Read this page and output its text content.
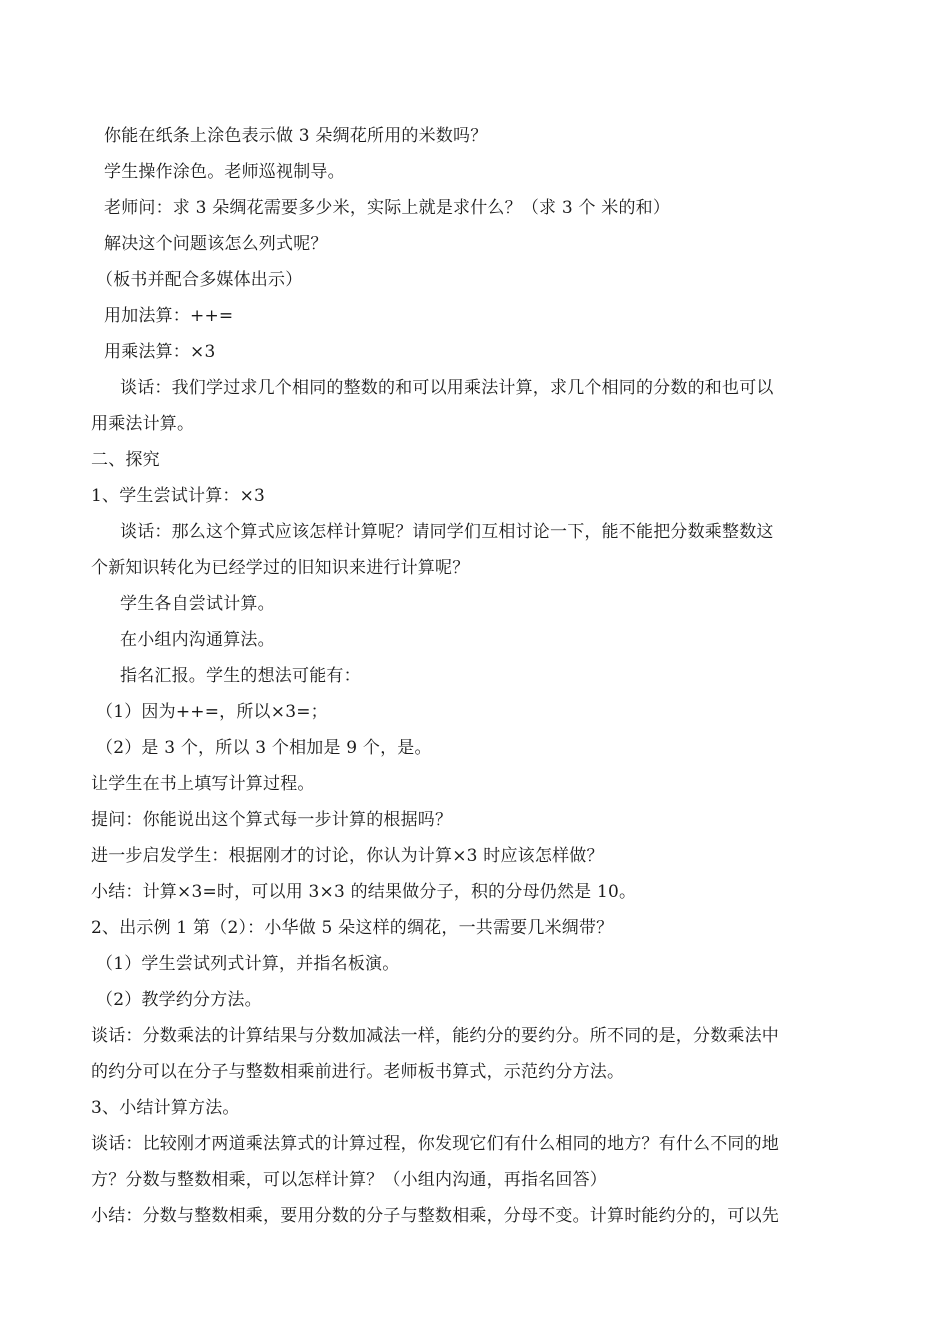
你能在纸条上涂色表示做 3 朵绸花所用的米数吗？
学生操作涂色。老师巡视制导。
老师问：求 3 朵绸花需要多少米，实际上就是求什么？（求 3 个 米的和）
解决这个问题该怎么列式呢？
（板书并配合多媒体出示）
用加法算：++=
用乘法算：×3
谈话：我们学过求几个相同的整数的和可以用乘法计算，求几个相同的分数的和也可以
用乘法计算。
二、探究
1、学生尝试计算：×3
谈话：那么这个算式应该怎样计算呢？请同学们互相讨论一下，能不能把分数乘整数这
个新知识转化为已经学过的旧知识来进行计算呢？
学生各自尝试计算。
在小组内沟通算法。
指名汇报。学生的想法可能有：
（1）因为++=，所以×3=；
（2）是 3 个，所以 3 个相加是 9 个，是。
让学生在书上填写计算过程。
提问：你能说出这个算式每一步计算的根据吗？
进一步启发学生：根据刚才的讨论，你认为计算×3 时应该怎样做？
小结：计算×3=时，可以用 3×3 的结果做分子，积的分母仍然是 10。
2、出示例 1 第（2）：小华做 5 朵这样的绸花，一共需要几米绸带？
（1）学生尝试列式计算，并指名板演。
（2）教学约分方法。
谈话：分数乘法的计算结果与分数加减法一样，能约分的要约分。所不同的是，分数乘法中
的约分可以在分子与整数相乘前进行。老师板书算式，示范约分方法。
3、小结计算方法。
谈话：比较刚才两道乘法算式的计算过程，你发现它们有什么相同的地方？有什么不同的地
方？分数与整数相乘，可以怎样计算？（小组内沟通，再指名回答）
小结：分数与整数相乘，要用分数的分子与整数相乘，分母不变。计算时能约分的，可以先
